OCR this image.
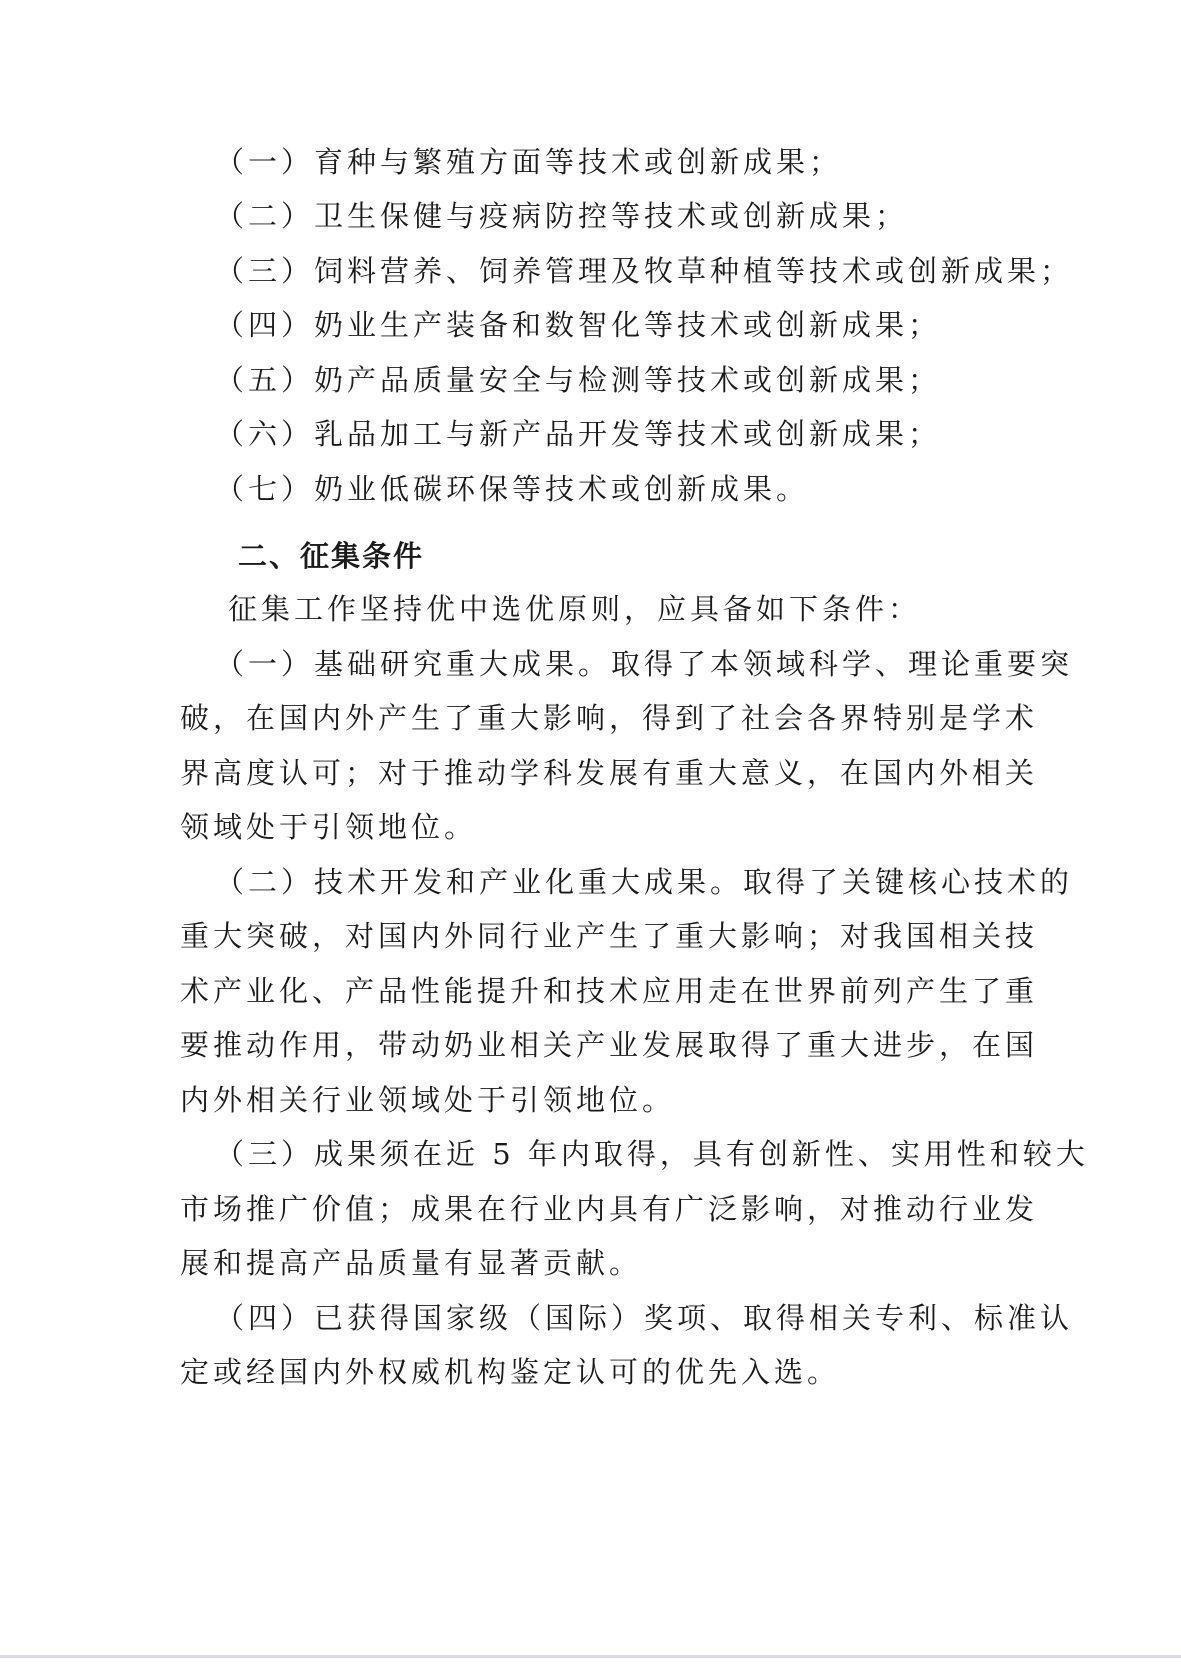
（一）育种与繁殖方面等技术或创新成果；
（二）卫生保健与疫病防控等技术或创新成果；
（三）饲料营养、饲养管理及牧草种植等技术或创新成果；
（四）奶业生产装备和数智化等技术或创新成果；
（五）奶产品质量安全与检测等技术或创新成果；
（六）乳品加工与新产品开发等技术或创新成果；
（七）奶业低碳环保等技术或创新成果。
二、征集条件
征集工作坚持优中选优原则，应具备如下条件：
（一）基础研究重大成果。取得了本领域科学、理论重要突
破，在国内外产生了重大影响，得到了社会各界特别是学术
界高度认可；对于推动学科发展有重大意义，在国内外相关
领域处于引领地位。
（二）技术开发和产业化重大成果。取得了关键核心技术的
重大突破，对国内外同行业产生了重大影响；对我国相关技
术产业化、产品性能提升和技术应用走在世界前列产生了重
要推动作用，带动奶业相关产业发展取得了重大进步，在国
内外相关行业领域处于引领地位。
（三）成果须在近 5 年内取得，具有创新性、实用性和较大
市场推广价值；成果在行业内具有广泛影响，对推动行业发
展和提高产品质量有显著贡献。
（四）已获得国家级（国际）奖项、取得相关专利、标准认
定或经国内外权威机构鉴定认可的优先入选。
